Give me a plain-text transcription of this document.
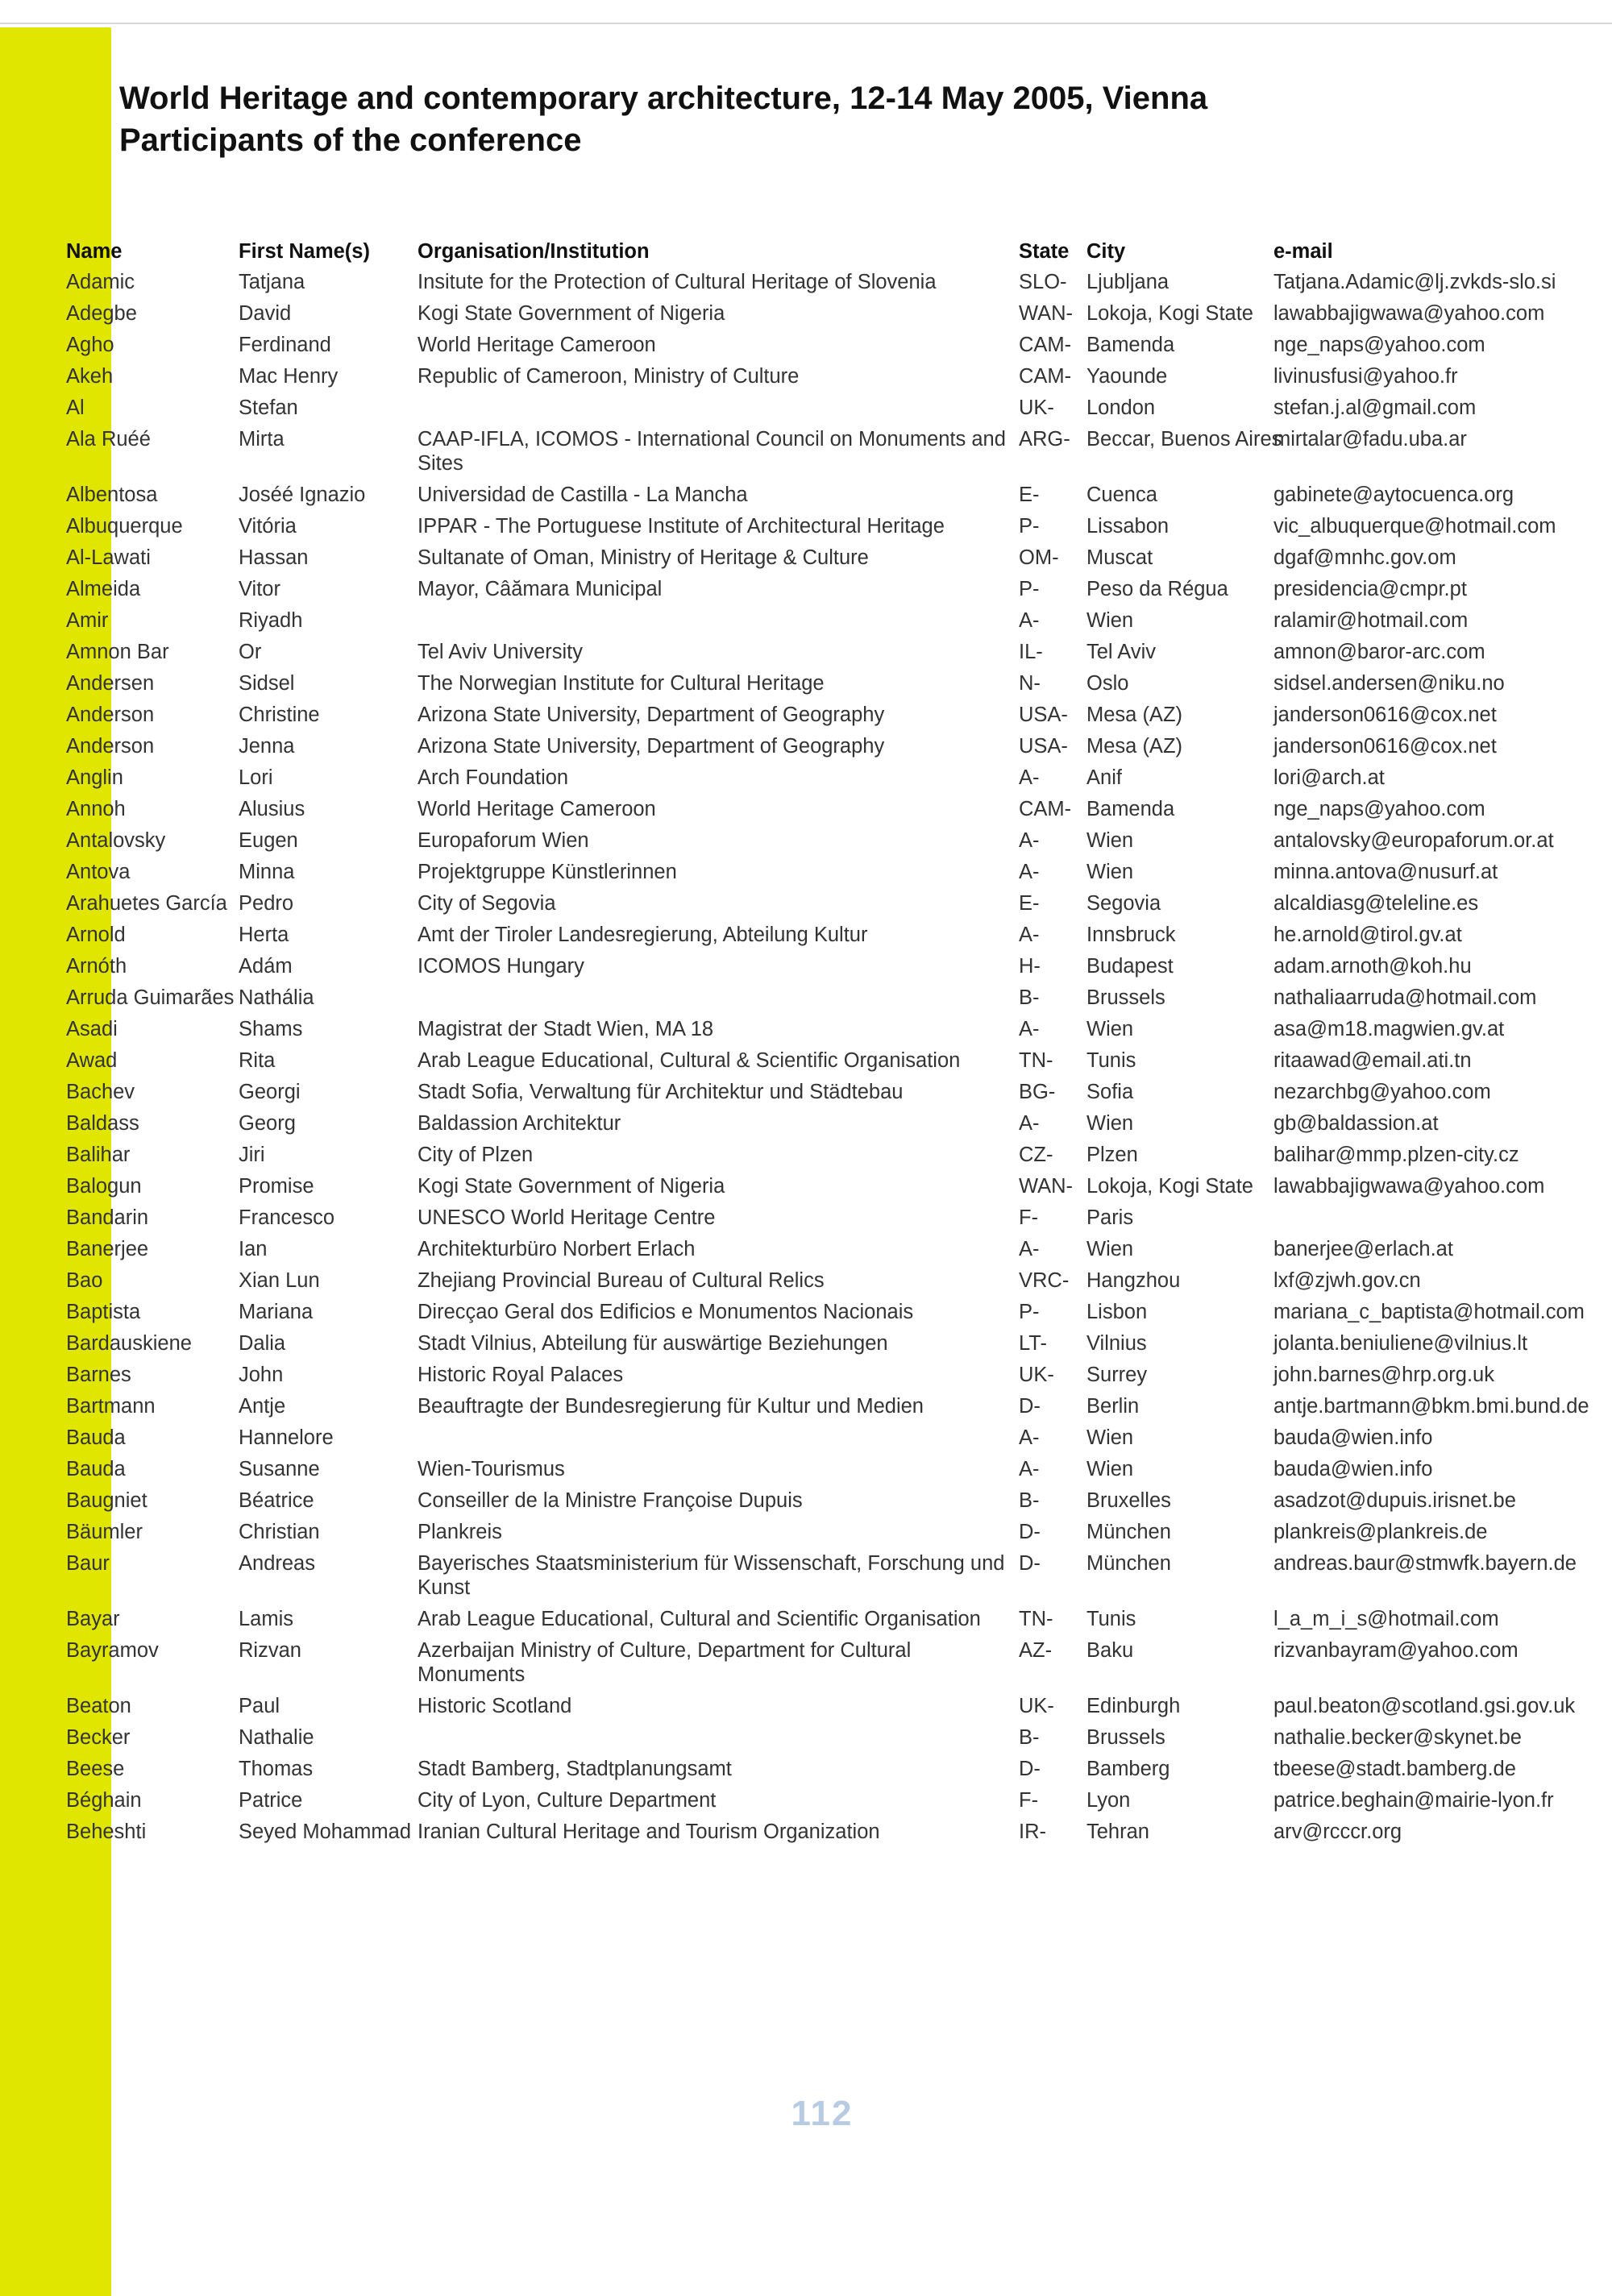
World Heritage and contemporary architecture, 12-14 May 2005, Vienna

Participants of the conference

Name	First Name(s)	Organisation/Institution	State	City	e-mail
Adamic	Tatjana	Insitute for the Protection of Cultural Heritage of Slovenia	SLO-	Ljubljana	Tatjana.Adamic@lj.zvkds-slo.si
Adegbe	David	Kogi State Government of Nigeria	WAN-	Lokoja, Kogi State	lawabbajigwawa@yahoo.com
Agho	Ferdinand	World Heritage Cameroon	CAM-	Bamenda	nge_naps@yahoo.com
Akeh	Mac Henry	Republic of Cameroon, Ministry of Culture	CAM-	Yaounde	livinusfusi@yahoo.fr
Al	Stefan		UK-	London	stefan.j.al@gmail.com
Ala Ruéé	Mirta	CAAP-IFLA, ICOMOS - International Council on Monuments and Sites	ARG-	Beccar, Buenos Aires	mirtalar@fadu.uba.ar
Albentosa	Joséé Ignazio	Universidad de Castilla - La Mancha	E-	Cuenca	gabinete@aytocuenca.org
Albuquerque	Vitória	IPPAR - The Portuguese Institute of Architectural Heritage	P-	Lissabon	vic_albuquerque@hotmail.com
Al-Lawati	Hassan	Sultanate of Oman, Ministry of Heritage & Culture	OM-	Muscat	dgaf@mnhc.gov.om
Almeida	Vitor	Mayor, Câămara Municipal	P-	Peso da Régua	presidencia@cmpr.pt
Amir	Riyadh		A-	Wien	ralamir@hotmail.com
Amnon Bar	Or	Tel Aviv University	IL-	Tel Aviv	amnon@baror-arc.com
Andersen	Sidsel	The Norwegian Institute for Cultural Heritage	N-	Oslo	sidsel.andersen@niku.no
Anderson	Christine	Arizona State University, Department of Geography	USA-	Mesa (AZ)	janderson0616@cox.net
Anderson	Jenna	Arizona State University, Department of Geography	USA-	Mesa (AZ)	janderson0616@cox.net
Anglin	Lori	Arch Foundation	A-	Anif	lori@arch.at
Annoh	Alusius	World Heritage Cameroon	CAM-	Bamenda	nge_naps@yahoo.com
Antalovsky	Eugen	Europaforum Wien	A-	Wien	antalovsky@europaforum.or.at
Antova	Minna	Projektgruppe Künstlerinnen	A-	Wien	minna.antova@nusurf.at
Arahuetes García	Pedro	City of Segovia	E-	Segovia	alcaldiasg@teleline.es
Arnold	Herta	Amt der Tiroler Landesregierung, Abteilung Kultur	A-	Innsbruck	he.arnold@tirol.gv.at
Arnóth	Adám	ICOMOS Hungary	H-	Budapest	adam.arnoth@koh.hu
Arruda Guimarães	Nathália		B-	Brussels	nathaliaarruda@hotmail.com
Asadi	Shams	Magistrat der Stadt Wien, MA 18	A-	Wien	asa@m18.magwien.gv.at
Awad	Rita	Arab League Educational, Cultural & Scientific Organisation	TN-	Tunis	ritaawad@email.ati.tn
Bachev	Georgi	Stadt Sofia, Verwaltung für Architektur und Städtebau	BG-	Sofia	nezarchbg@yahoo.com
Baldass	Georg	Baldassion Architektur	A-	Wien	gb@baldassion.at
Balihar	Jiri	City of Plzen	CZ-	Plzen	balihar@mmp.plzen-city.cz
Balogun	Promise	Kogi State Government of Nigeria	WAN-	Lokoja, Kogi State	lawabbajigwawa@yahoo.com
Bandarin	Francesco	UNESCO World Heritage Centre	F-	Paris	
Banerjee	Ian	Architekturbüro Norbert Erlach	A-	Wien	banerjee@erlach.at
Bao	Xian Lun	Zhejiang Provincial Bureau of Cultural Relics	VRC-	Hangzhou	lxf@zjwh.gov.cn
Baptista	Mariana	Direcçao Geral dos Edificios e Monumentos Nacionais	P-	Lisbon	mariana_c_baptista@hotmail.com
Bardauskiene	Dalia	Stadt Vilnius, Abteilung für auswärtige Beziehungen	LT-	Vilnius	jolanta.beniuliene@vilnius.lt
Barnes	John	Historic Royal Palaces	UK-	Surrey	john.barnes@hrp.org.uk
Bartmann	Antje	Beauftragte der Bundesregierung für Kultur und Medien	D-	Berlin	antje.bartmann@bkm.bmi.bund.de
Bauda	Hannelore		A-	Wien	bauda@wien.info
Bauda	Susanne	Wien-Tourismus	A-	Wien	bauda@wien.info
Baugniet	Béatrice	Conseiller de la Ministre Françoise Dupuis	B-	Bruxelles	asadzot@dupuis.irisnet.be
Bäumler	Christian	Plankreis	D-	München	plankreis@plankreis.de
Baur	Andreas	Bayerisches Staatsministerium für Wissenschaft, Forschung und Kunst	D-	München	andreas.baur@stmwfk.bayern.de
Bayar	Lamis	Arab League Educational, Cultural and Scientific Organisation	TN-	Tunis	l_a_m_i_s@hotmail.com
Bayramov	Rizvan	Azerbaijan Ministry of Culture, Department for Cultural Monuments	AZ-	Baku	rizvanbayram@yahoo.com
Beaton	Paul	Historic Scotland	UK-	Edinburgh	paul.beaton@scotland.gsi.gov.uk
Becker	Nathalie		B-	Brussels	nathalie.becker@skynet.be
Beese	Thomas	Stadt Bamberg, Stadtplanungsamt	D-	Bamberg	tbeese@stadt.bamberg.de
Béghain	Patrice	City of Lyon, Culture Department	F-	Lyon	patrice.beghain@mairie-lyon.fr
Beheshti	Seyed Mohammad	Iranian Cultural Heritage and Tourism Organization	IR-	Tehran	arv@rcccr.org
112
